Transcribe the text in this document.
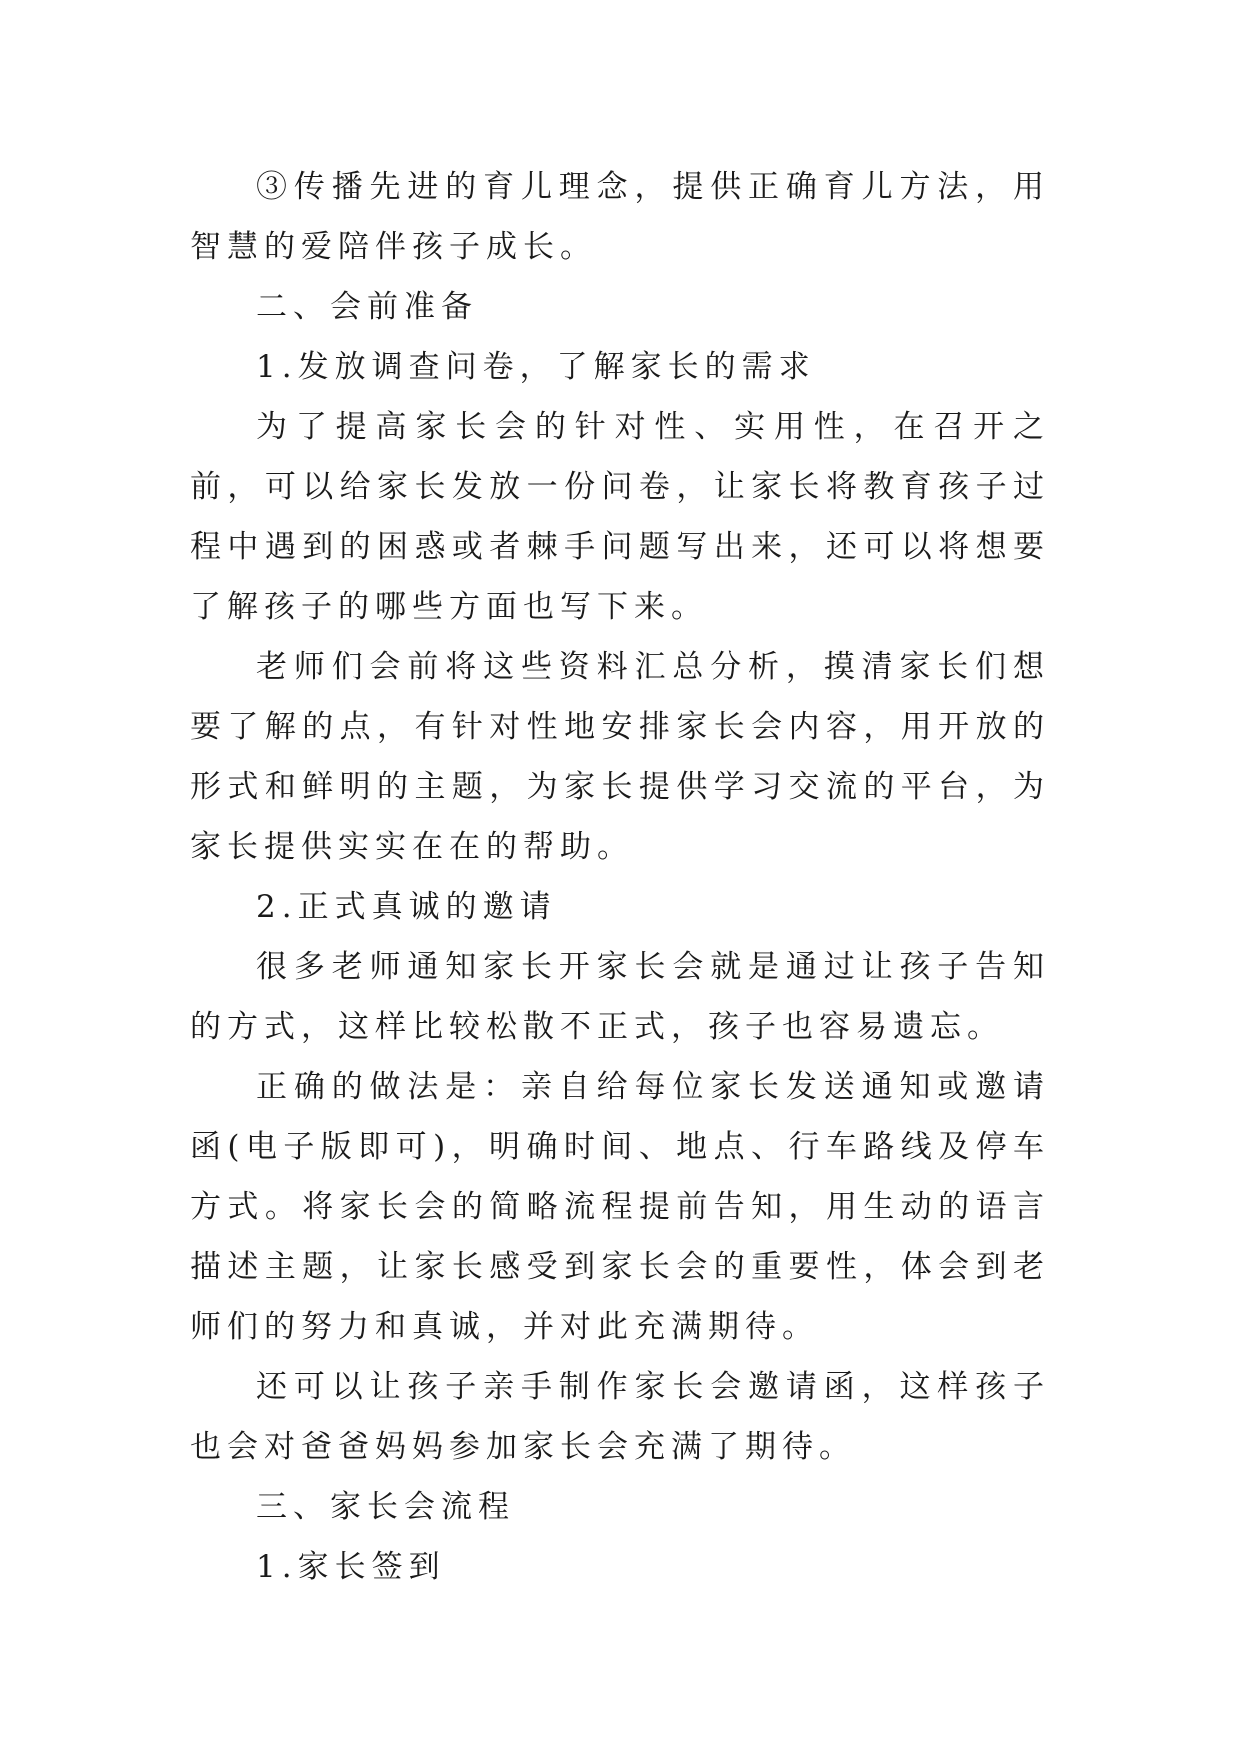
③传播先进的育儿理念，提供正确育儿方法，用智慧的爱陪伴孩子成长。

二、会前准备

1.发放调查问卷，了解家长的需求

为了提高家长会的针对性、实用性，在召开之前，可以给家长发放一份问卷，让家长将教育孩子过程中遇到的困惑或者棘手问题写出来，还可以将想要了解孩子的哪些方面也写下来。

老师们会前将这些资料汇总分析，摸清家长们想要了解的点，有针对性地安排家长会内容，用开放的形式和鲜明的主题，为家长提供学习交流的平台，为家长提供实实在在的帮助。

2.正式真诚的邀请

很多老师通知家长开家长会就是通过让孩子告知的方式，这样比较松散不正式，孩子也容易遗忘。

正确的做法是：亲自给每位家长发送通知或邀请函(电子版即可)，明确时间、地点、行车路线及停车方式。将家长会的简略流程提前告知，用生动的语言描述主题，让家长感受到家长会的重要性，体会到老师们的努力和真诚，并对此充满期待。

还可以让孩子亲手制作家长会邀请函，这样孩子也会对爸爸妈妈参加家长会充满了期待。

三、家长会流程

1.家长签到
